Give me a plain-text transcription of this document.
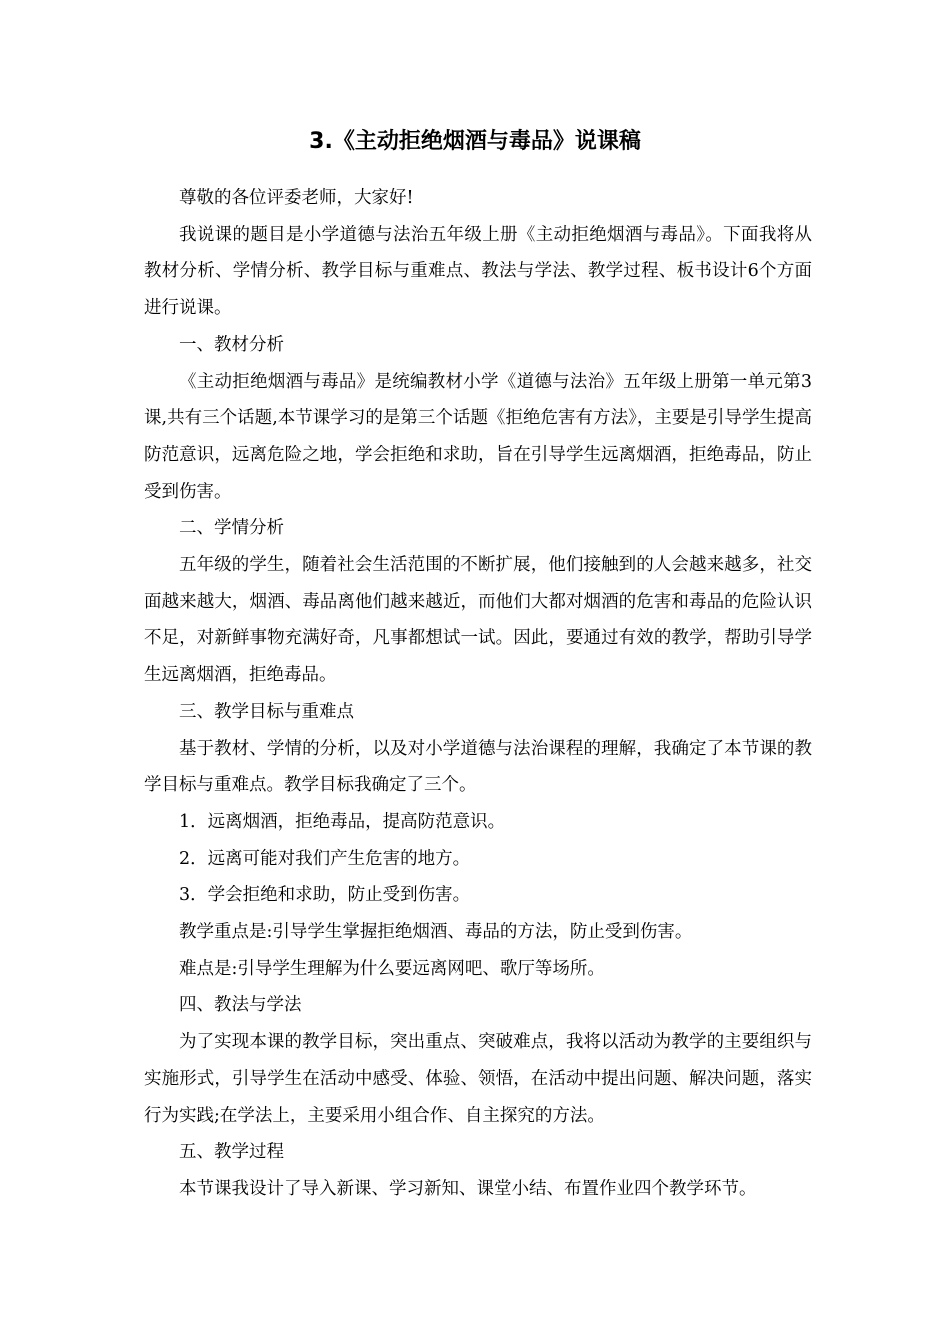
3.《主动拒绝烟酒与毒品》说课稿

尊敬的各位评委老师，大家好!

我说课的题目是小学道德与法治五年级上册《主动拒绝烟酒与毒品》。下面我将从教材分析、学情分析、教学目标与重难点、教法与学法、教学过程、板书设计6个方面进行说课。

一、教材分析

《主动拒绝烟酒与毒品》是统编教材小学《道德与法治》五年级上册第一单元第3课,共有三个话题,本节课学习的是第三个话题《拒绝危害有方法》，主要是引导学生提高防范意识，远离危险之地，学会拒绝和求助，旨在引导学生远离烟酒，拒绝毒品，防止受到伤害。

二、学情分析

五年级的学生，随着社会生活范围的不断扩展，他们接触到的人会越来越多，社交面越来越大，烟酒、毒品离他们越来越近，而他们大都对烟酒的危害和毒品的危险认识不足，对新鲜事物充满好奇，凡事都想试一试。因此，要通过有效的教学，帮助引导学生远离烟酒，拒绝毒品。

三、教学目标与重难点

基于教材、学情的分析，以及对小学道德与法治课程的理解，我确定了本节课的教学目标与重难点。教学目标我确定了三个。

1．远离烟酒，拒绝毒品，提高防范意识。

2．远离可能对我们产生危害的地方。

3．学会拒绝和求助，防止受到伤害。

教学重点是:引导学生掌握拒绝烟酒、毒品的方法，防止受到伤害。

难点是:引导学生理解为什么要远离网吧、歌厅等场所。

四、教法与学法

为了实现本课的教学目标，突出重点、突破难点，我将以活动为教学的主要组织与实施形式，引导学生在活动中感受、体验、领悟，在活动中提出问题、解决问题，落实行为实践;在学法上，主要采用小组合作、自主探究的方法。

五、教学过程

本节课我设计了导入新课、学习新知、课堂小结、布置作业四个教学环节。
